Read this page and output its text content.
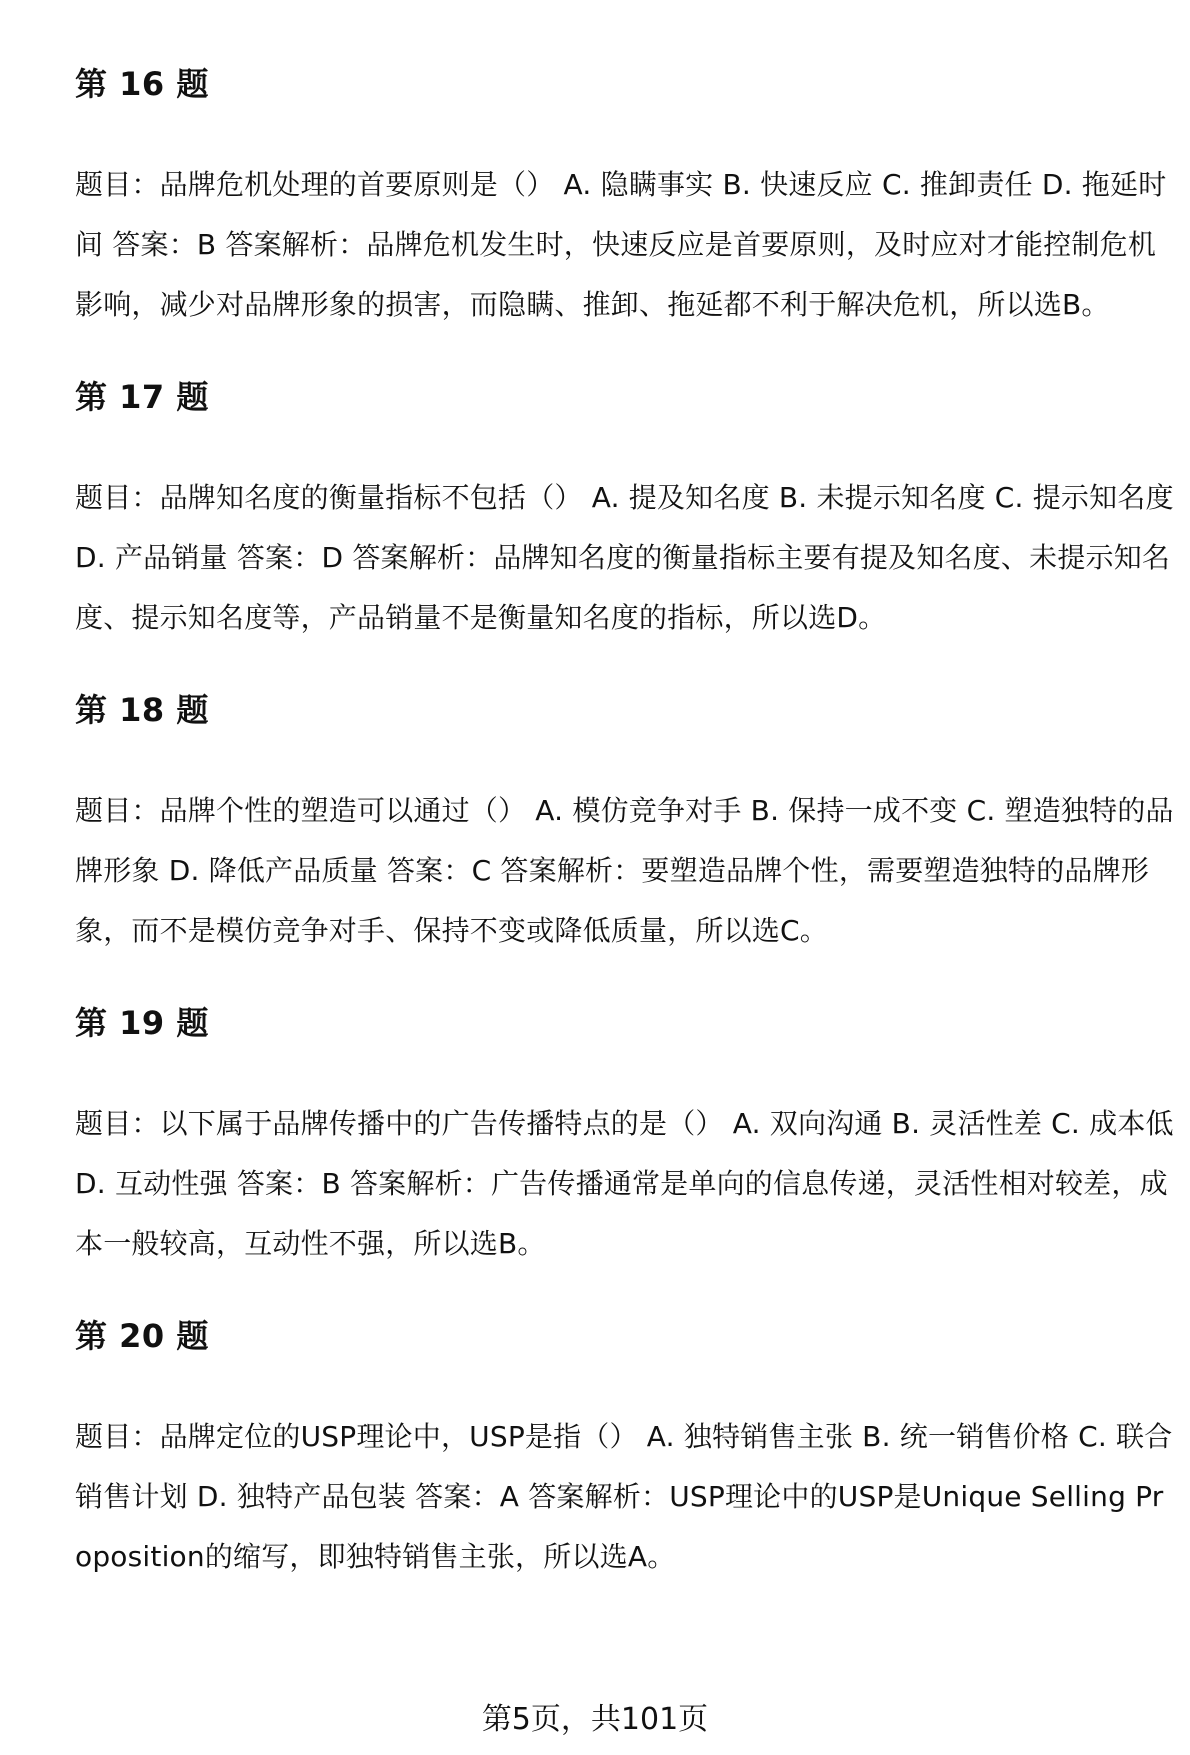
第 16 题
题目：品牌危机处理的首要原则是（） A. 隐瞒事实 B. 快速反应 C. 推卸责任 D. 拖延时间 答案：B 答案解析：品牌危机发生时，快速反应是首要原则，及时应对才能控制危机影响，减少对品牌形象的损害，而隐瞒、推卸、拖延都不利于解决危机，所以选B。
第 17 题
题目：品牌知名度的衡量指标不包括（） A. 提及知名度 B. 未提示知名度 C. 提示知名度 D. 产品销量 答案：D 答案解析：品牌知名度的衡量指标主要有提及知名度、未提示知名度、提示知名度等，产品销量不是衡量知名度的指标，所以选D。
第 18 题
题目：品牌个性的塑造可以通过（） A. 模仿竞争对手 B. 保持一成不变 C. 塑造独特的品牌形象 D. 降低产品质量 答案：C 答案解析：要塑造品牌个性，需要塑造独特的品牌形象，而不是模仿竞争对手、保持不变或降低质量，所以选C。
第 19 题
题目：以下属于品牌传播中的广告传播特点的是（） A. 双向沟通 B. 灵活性差 C. 成本低 D. 互动性强 答案：B 答案解析：广告传播通常是单向的信息传递，灵活性相对较差，成本一般较高，互动性不强，所以选B。
第 20 题
题目：品牌定位的USP理论中，USP是指（） A. 独特销售主张 B. 统一销售价格 C. 联合销售计划 D. 独特产品包装 答案：A 答案解析：USP理论中的USP是Unique Selling Proposition的缩写，即独特销售主张，所以选A。
第5页，共101页
